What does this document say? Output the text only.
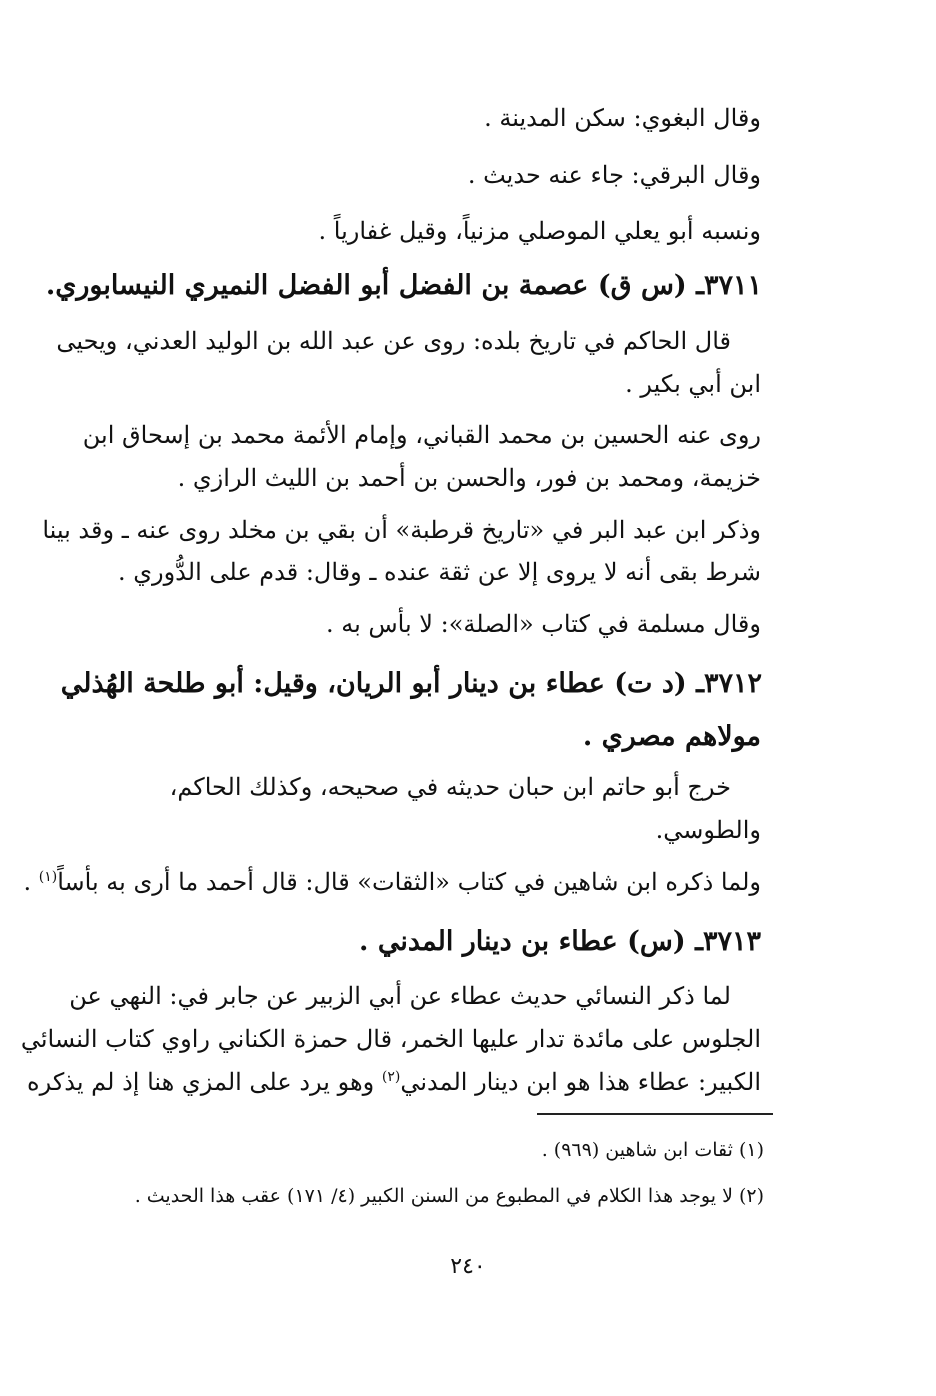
وقال البغوي: سكن المدينة .
وقال البرقي: جاء عنه حديث .
ونسبه أبو يعلي الموصلي مزنياً، وقيل غفارياً .
٣٧١١ـ (س ق) عصمة بن الفضل أبو الفضل النميري النيسابوري.
قال الحاكم في تاريخ بلده: روى عن عبد الله بن الوليد العدني، ويحيى
ابن أبي بكير .
روى عنه الحسين بن محمد القباني، وإمام الأئمة محمد بن إسحاق ابن
خزيمة، ومحمد بن فور، والحسن بن أحمد بن الليث الرازي .
وذكر ابن عبد البر في «تاريخ قرطبة» أن بقي بن مخلد روى عنه ـ وقد بينا
شرط بقى أنه لا يروى إلا عن ثقة عنده ـ وقال: قدم على الدُّوري .
وقال مسلمة في كتاب «الصلة»: لا بأس به .
٣٧١٢ـ (د ت) عطاء بن دينار أبو الريان، وقيل: أبو طلحة الهُذلي
مولاهم مصري .
خرج أبو حاتم ابن حبان حديثه في صحيحه، وكذلك الحاكم،
والطوسي.
ولما ذكره ابن شاهين في كتاب «الثقات» قال: قال أحمد ما أرى به بأساً$^{(١)}$ .
٣٧١٣ـ (س) عطاء بن دينار المدني .
لما ذكر النسائي حديث عطاء عن أبي الزبير عن جابر في: النهي عن
الجلوس على مائدة تدار عليها الخمر، قال حمزة الكناني راوي كتاب النسائي
الكبير: عطاء هذا هو ابن دينار المدني$^{(٢)}$ وهو يرد على المزي هنا إذ لم يذكره
(١) ثقات ابن شاهين (٩٦٩) .
(٢) لا يوجد هذا الكلام في المطبوع من السنن الكبير (٤/ ١٧١) عقب هذا الحديث .
٢٤٠
